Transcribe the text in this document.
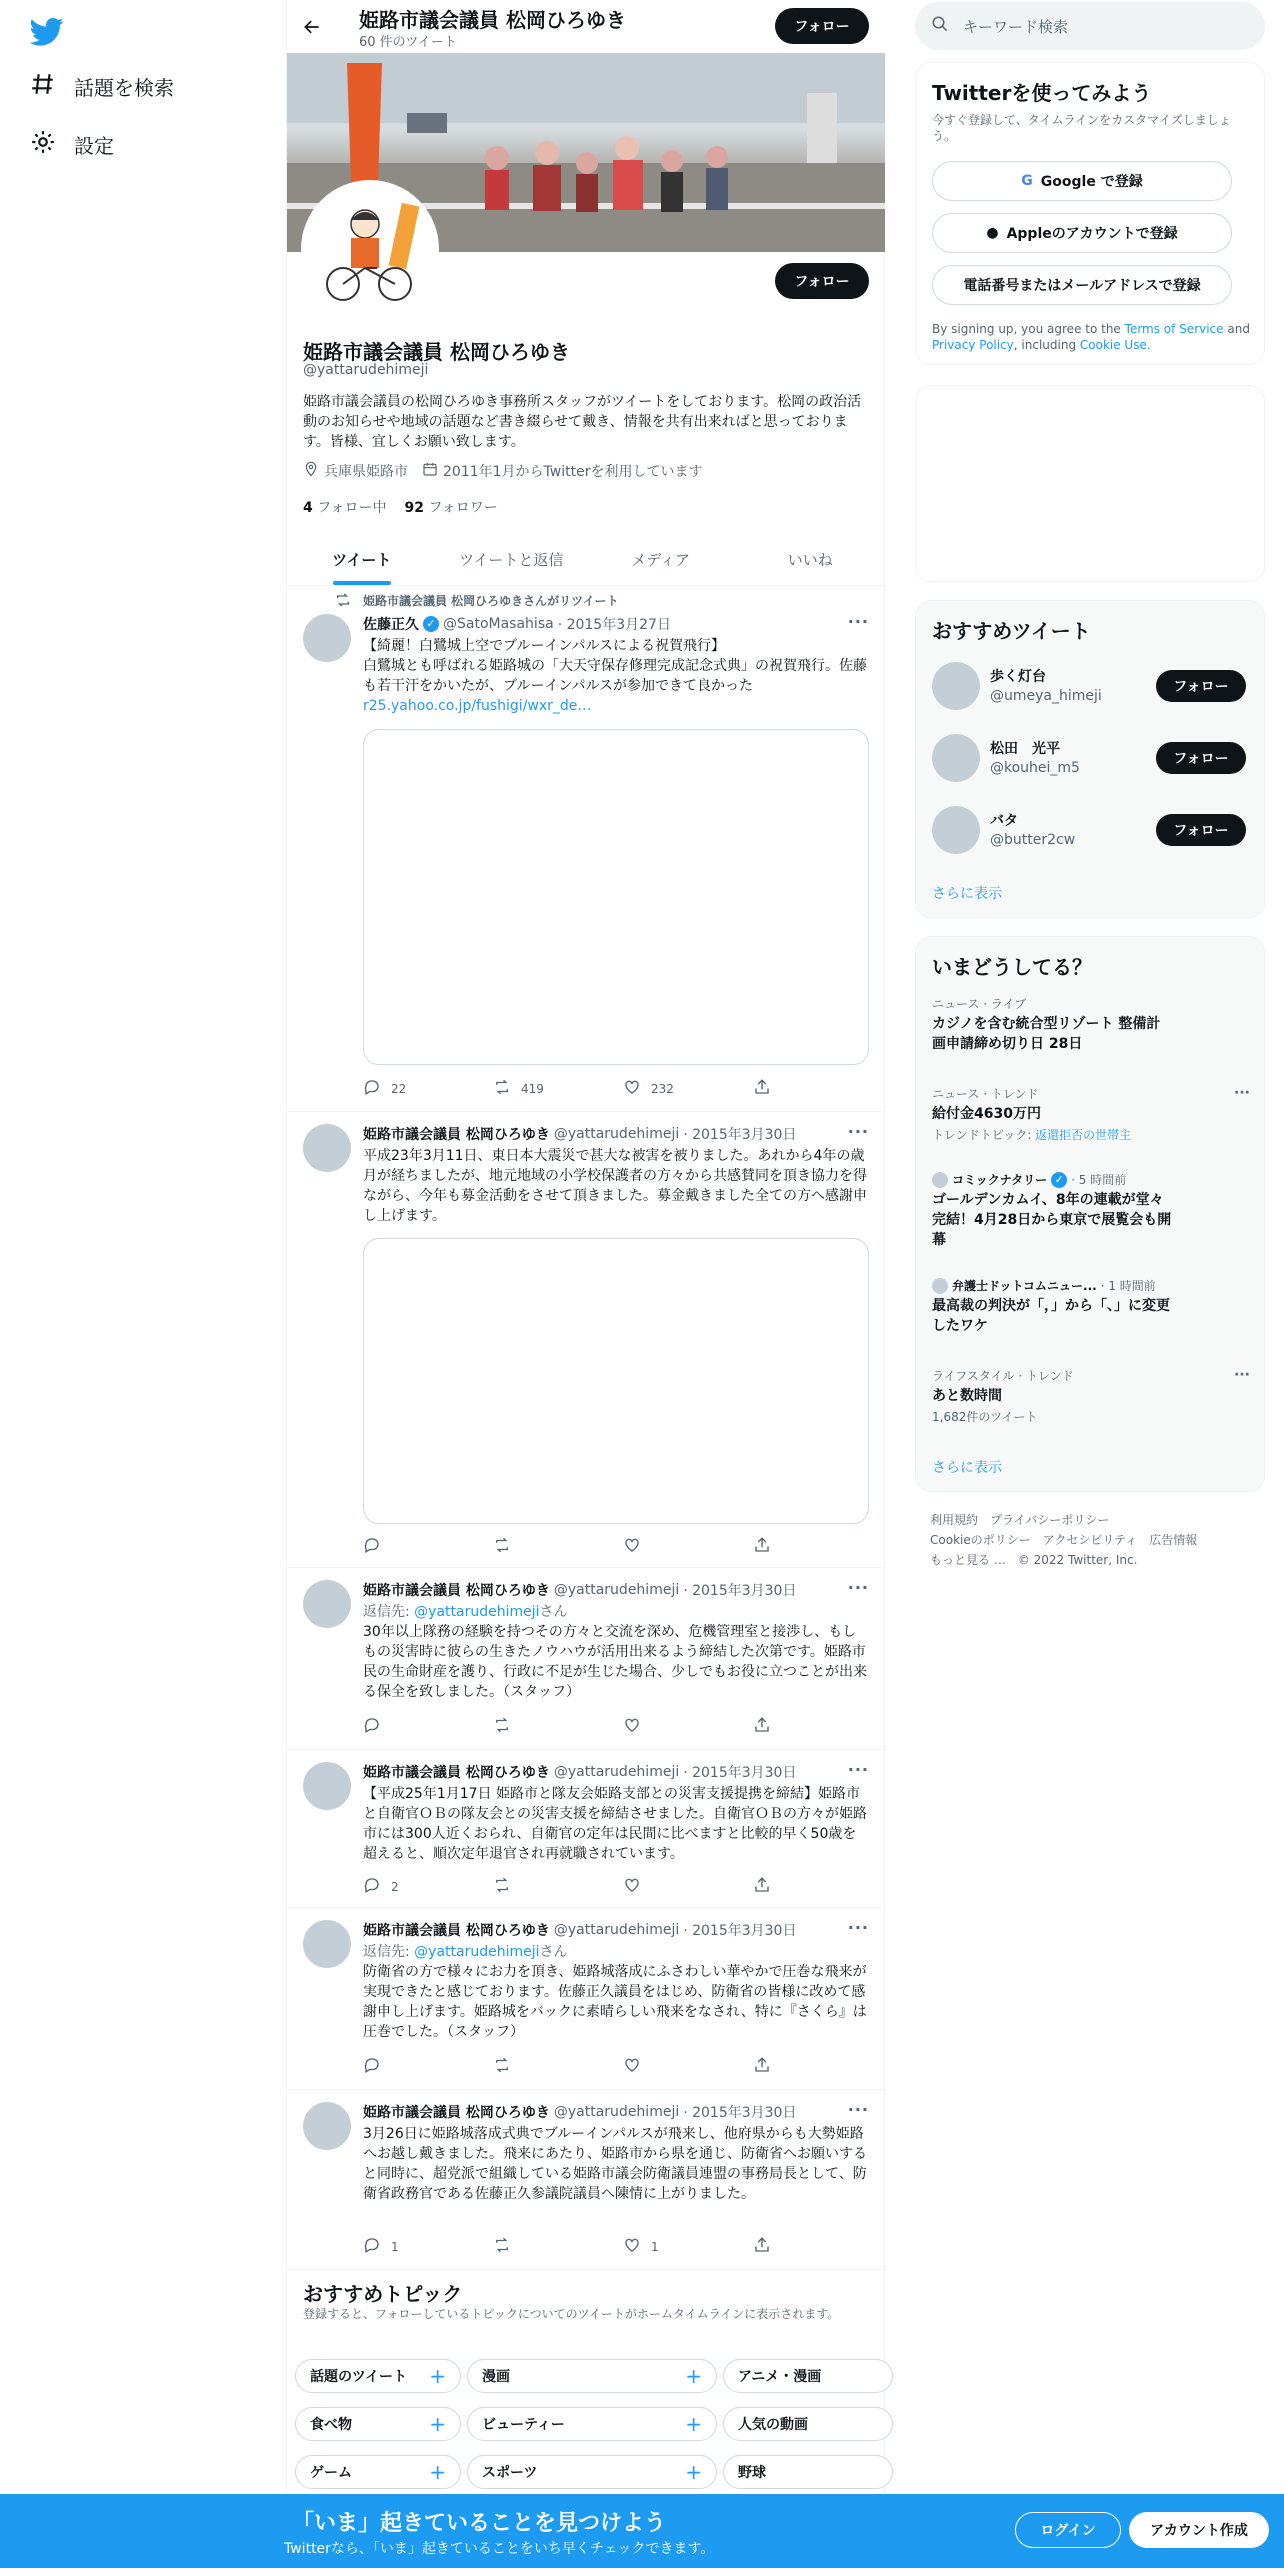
話題を検索
設定
姫路市議会議員 松岡ひろゆき
60 件のツイート
フォロー
フォロー
姫路市議会議員 松岡ひろゆき
@yattarudehimeji
姫路市議会議員の松岡ひろゆき事務所スタッフがツイートをしております。松岡の政治活動のお知らせや地域の話題など書き綴らせて戴き、情報を共有出来ればと思っております。皆様、宜しくお願い致します。
兵庫県姫路市	2011年1月からTwitterを利用しています
4 フォロー中 92 フォロワー
ツイート	ツイートと返信	メディア	いいね
姫路市議会議員 松岡ひろゆきさんがリツイート
佐藤正久 ✓ @SatoMasahisa · 2015年3月27日	···
【綺麗！白鷺城上空でブルーインパルスによる祝賀飛行】
白鷺城とも呼ばれる姫路城の「大天守保存修理完成記念式典」の祝賀飛行。佐藤も若干汗をかいたが、ブルーインパルスが参加できて良かった
r25.yahoo.co.jp/fushigi/wxr_de…
22	419	232
姫路市議会議員 松岡ひろゆき @yattarudehimeji · 2015年3月30日	···
平成23年3月11日、東日本大震災で甚大な被害を被りました。あれから4年の歳月が経ちましたが、地元地域の小学校保護者の方々から共感賛同を頂き協力を得ながら、今年も募金活動をさせて頂きました。募金戴きました全ての方へ感謝申し上げます。
姫路市議会議員 松岡ひろゆき @yattarudehimeji · 2015年3月30日	···
返信先: @yattarudehimejiさん
30年以上隊務の経験を持つその方々と交流を深め、危機管理室と接渉し、もしもの災害時に彼らの生きたノウハウが活用出来るよう締結した次第です。姫路市民の生命財産を護り、行政に不足が生じた場合、少しでもお役に立つことが出来る保全を致しました。（スタッフ）
姫路市議会議員 松岡ひろゆき @yattarudehimeji · 2015年3月30日	···
【平成25年1月17日 姫路市と隊友会姫路支部との災害支援提携を締結】姫路市と自衛官ＯＢの隊友会との災害支援を締結させました。自衛官ＯＢの方々が姫路市には300人近くおられ、自衛官の定年は民間に比べますと比較的早く50歳を超えると、順次定年退官され再就職されています。
2
姫路市議会議員 松岡ひろゆき @yattarudehimeji · 2015年3月30日	···
返信先: @yattarudehimejiさん
防衛省の方で様々にお力を頂き、姫路城落成にふさわしい華やかで圧巻な飛来が実現できたと感じております。佐藤正久議員をはじめ、防衛省の皆様に改めて感謝申し上げます。姫路城をバックに素晴らしい飛来をなされ、特に『さくら』は圧巻でした。（スタッフ）
姫路市議会議員 松岡ひろゆき @yattarudehimeji · 2015年3月30日	···
3月26日に姫路城落成式典でブルーインパルスが飛来し、他府県からも大勢姫路へお越し戴きました。飛来にあたり、姫路市から県を通じ、防衛省へお願いすると同時に、超党派で組織している姫路市議会防衛議員連盟の事務局長として、防衛省政務官である佐藤正久参議院議員へ陳情に上がりました。
1	1
おすすめトピック
登録すると、フォローしているトピックについてのツイートがホームタイムラインに表示されます。
話題のツイート +	漫画	+	アニメ・漫画
食べ物	+	ビューティー	+	人気の動画
ゲーム	+	スポーツ	+	野球
キーワード検索
Twitterを使ってみよう
今すぐ登録して、タイムラインをカスタマイズしましょう。
G Google で登録
● Appleのアカウントで登録
電話番号またはメールアドレスで登録
By signing up, you agree to the Terms of Service and Privacy Policy, including Cookie Use.
おすすめツイート
歩く灯台
@umeya_himeji
フォロー
松田　光平
@kouhei_m5
フォロー
バタ
@butter2cw
フォロー
さらに表示
いまどうしてる？
ニュース · ライブ
カジノを含む統合型リゾート 整備計画申請締め切り日 28日
ニュース · トレンド
給付金4630万円
トレンドトピック: 返還拒否の世帯主
···
コミックナタリー ✓ · 5 時間前
ゴールデンカムイ、8年の連載が堂々完結！4月28日から東京で展覧会も開幕
弁護士ドットコムニュー... · 1 時間前
最高裁の判決が「，」から「、」に変更したワケ
ライフスタイル · トレンド
あと数時間
1,682件のツイート
···
さらに表示
利用規約 プライバシーポリシー
Cookieのポリシー アクセシビリティ 広告情報
もっと見る … © 2022 Twitter, Inc.
「いま」起きていることを見つけよう
Twitterなら、「いま」起きていることをいち早くチェックできます。
ログイン	アカウント作成
